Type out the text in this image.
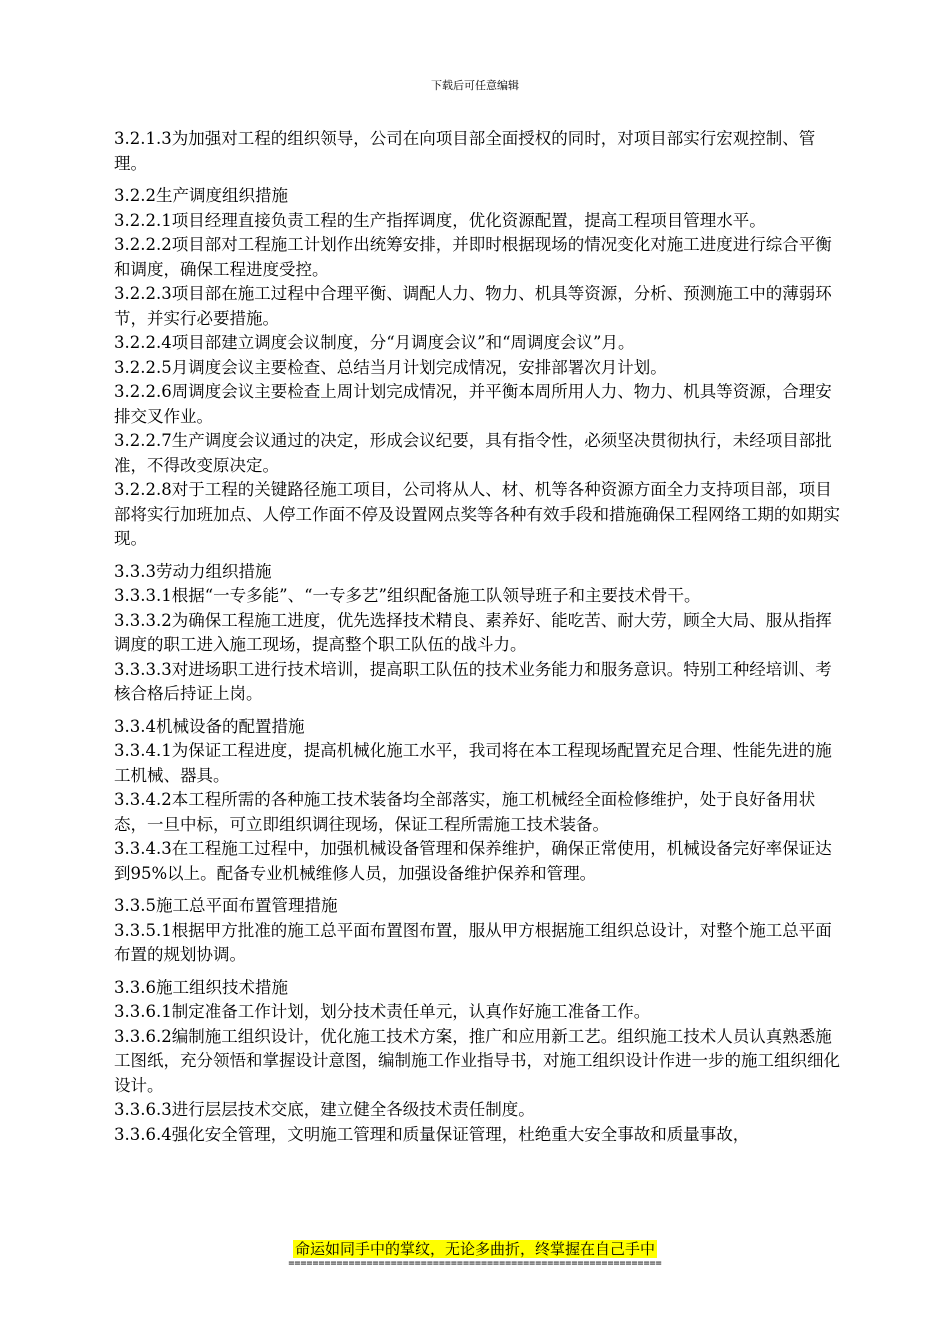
下载后可任意编辑

3.2.1.3为加强对工程的组织领导，公司在向项目部全面授权的同时，对项目部实行宏观控制、管理。

3.2.2生产调度组织措施

3.2.2.1项目经理直接负责工程的生产指挥调度，优化资源配置，提高工程项目管理水平。

3.2.2.2项目部对工程施工计划作出统筹安排，并即时根据现场的情况变化对施工进度进行综合平衡和调度，确保工程进度受控。

3.2.2.3项目部在施工过程中合理平衡、调配人力、物力、机具等资源，分析、预测施工中的薄弱环节，并实行必要措施。

3.2.2.4项目部建立调度会议制度，分“月调度会议”和“周调度会议”月。

3.2.2.5月调度会议主要检查、总结当月计划完成情况，安排部署次月计划。

3.2.2.6周调度会议主要检查上周计划完成情况，并平衡本周所用人力、物力、机具等资源，合理安排交叉作业。

3.2.2.7生产调度会议通过的决定，形成会议纪要，具有指令性，必须坚决贯彻执行，未经项目部批准，不得改变原决定。

3.2.2.8对于工程的关键路径施工项目，公司将从人、材、机等各种资源方面全力支持项目部，项目部将实行加班加点、人停工作面不停及设置网点奖等各种有效手段和措施确保工程网络工期的如期实现。

3.3.3劳动力组织措施

3.3.3.1根据“一专多能”、“一专多艺”组织配备施工队领导班子和主要技术骨干。

3.3.3.2为确保工程施工进度，优先选择技术精良、素养好、能吃苦、耐大劳，顾全大局、服从指挥调度的职工进入施工现场，提高整个职工队伍的战斗力。

3.3.3.3对进场职工进行技术培训，提高职工队伍的技术业务能力和服务意识。特别工种经培训、考核合格后持证上岗。

3.3.4机械设备的配置措施

3.3.4.1为保证工程进度，提高机械化施工水平，我司将在本工程现场配置充足合理、性能先进的施工机械、器具。

3.3.4.2本工程所需的各种施工技术装备均全部落实，施工机械经全面检修维护，处于良好备用状态，一旦中标，可立即组织调往现场，保证工程所需施工技术装备。

3.3.4.3在工程施工过程中，加强机械设备管理和保养维护，确保正常使用，机械设备完好率保证达到95%以上。配备专业机械维修人员，加强设备维护保养和管理。

3.3.5施工总平面布置管理措施

3.3.5.1根据甲方批准的施工总平面布置图布置，服从甲方根据施工组织总设计，对整个施工总平面布置的规划协调。

3.3.6施工组织技术措施

3.3.6.1制定准备工作计划，划分技术责任单元，认真作好施工准备工作。

3.3.6.2编制施工组织设计，优化施工技术方案，推广和应用新工艺。组织施工技术人员认真熟悉施工图纸，充分领悟和掌握设计意图，编制施工作业指导书，对施工组织设计作进一步的施工组织细化设计。

3.3.6.3进行层层技术交底，建立健全各级技术责任制度。

3.3.6.4强化安全管理，文明施工管理和质量保证管理，杜绝重大安全事故和质量事故，

命运如同手中的掌纹，无论多曲折，终掌握在自己手中
==============================================================
